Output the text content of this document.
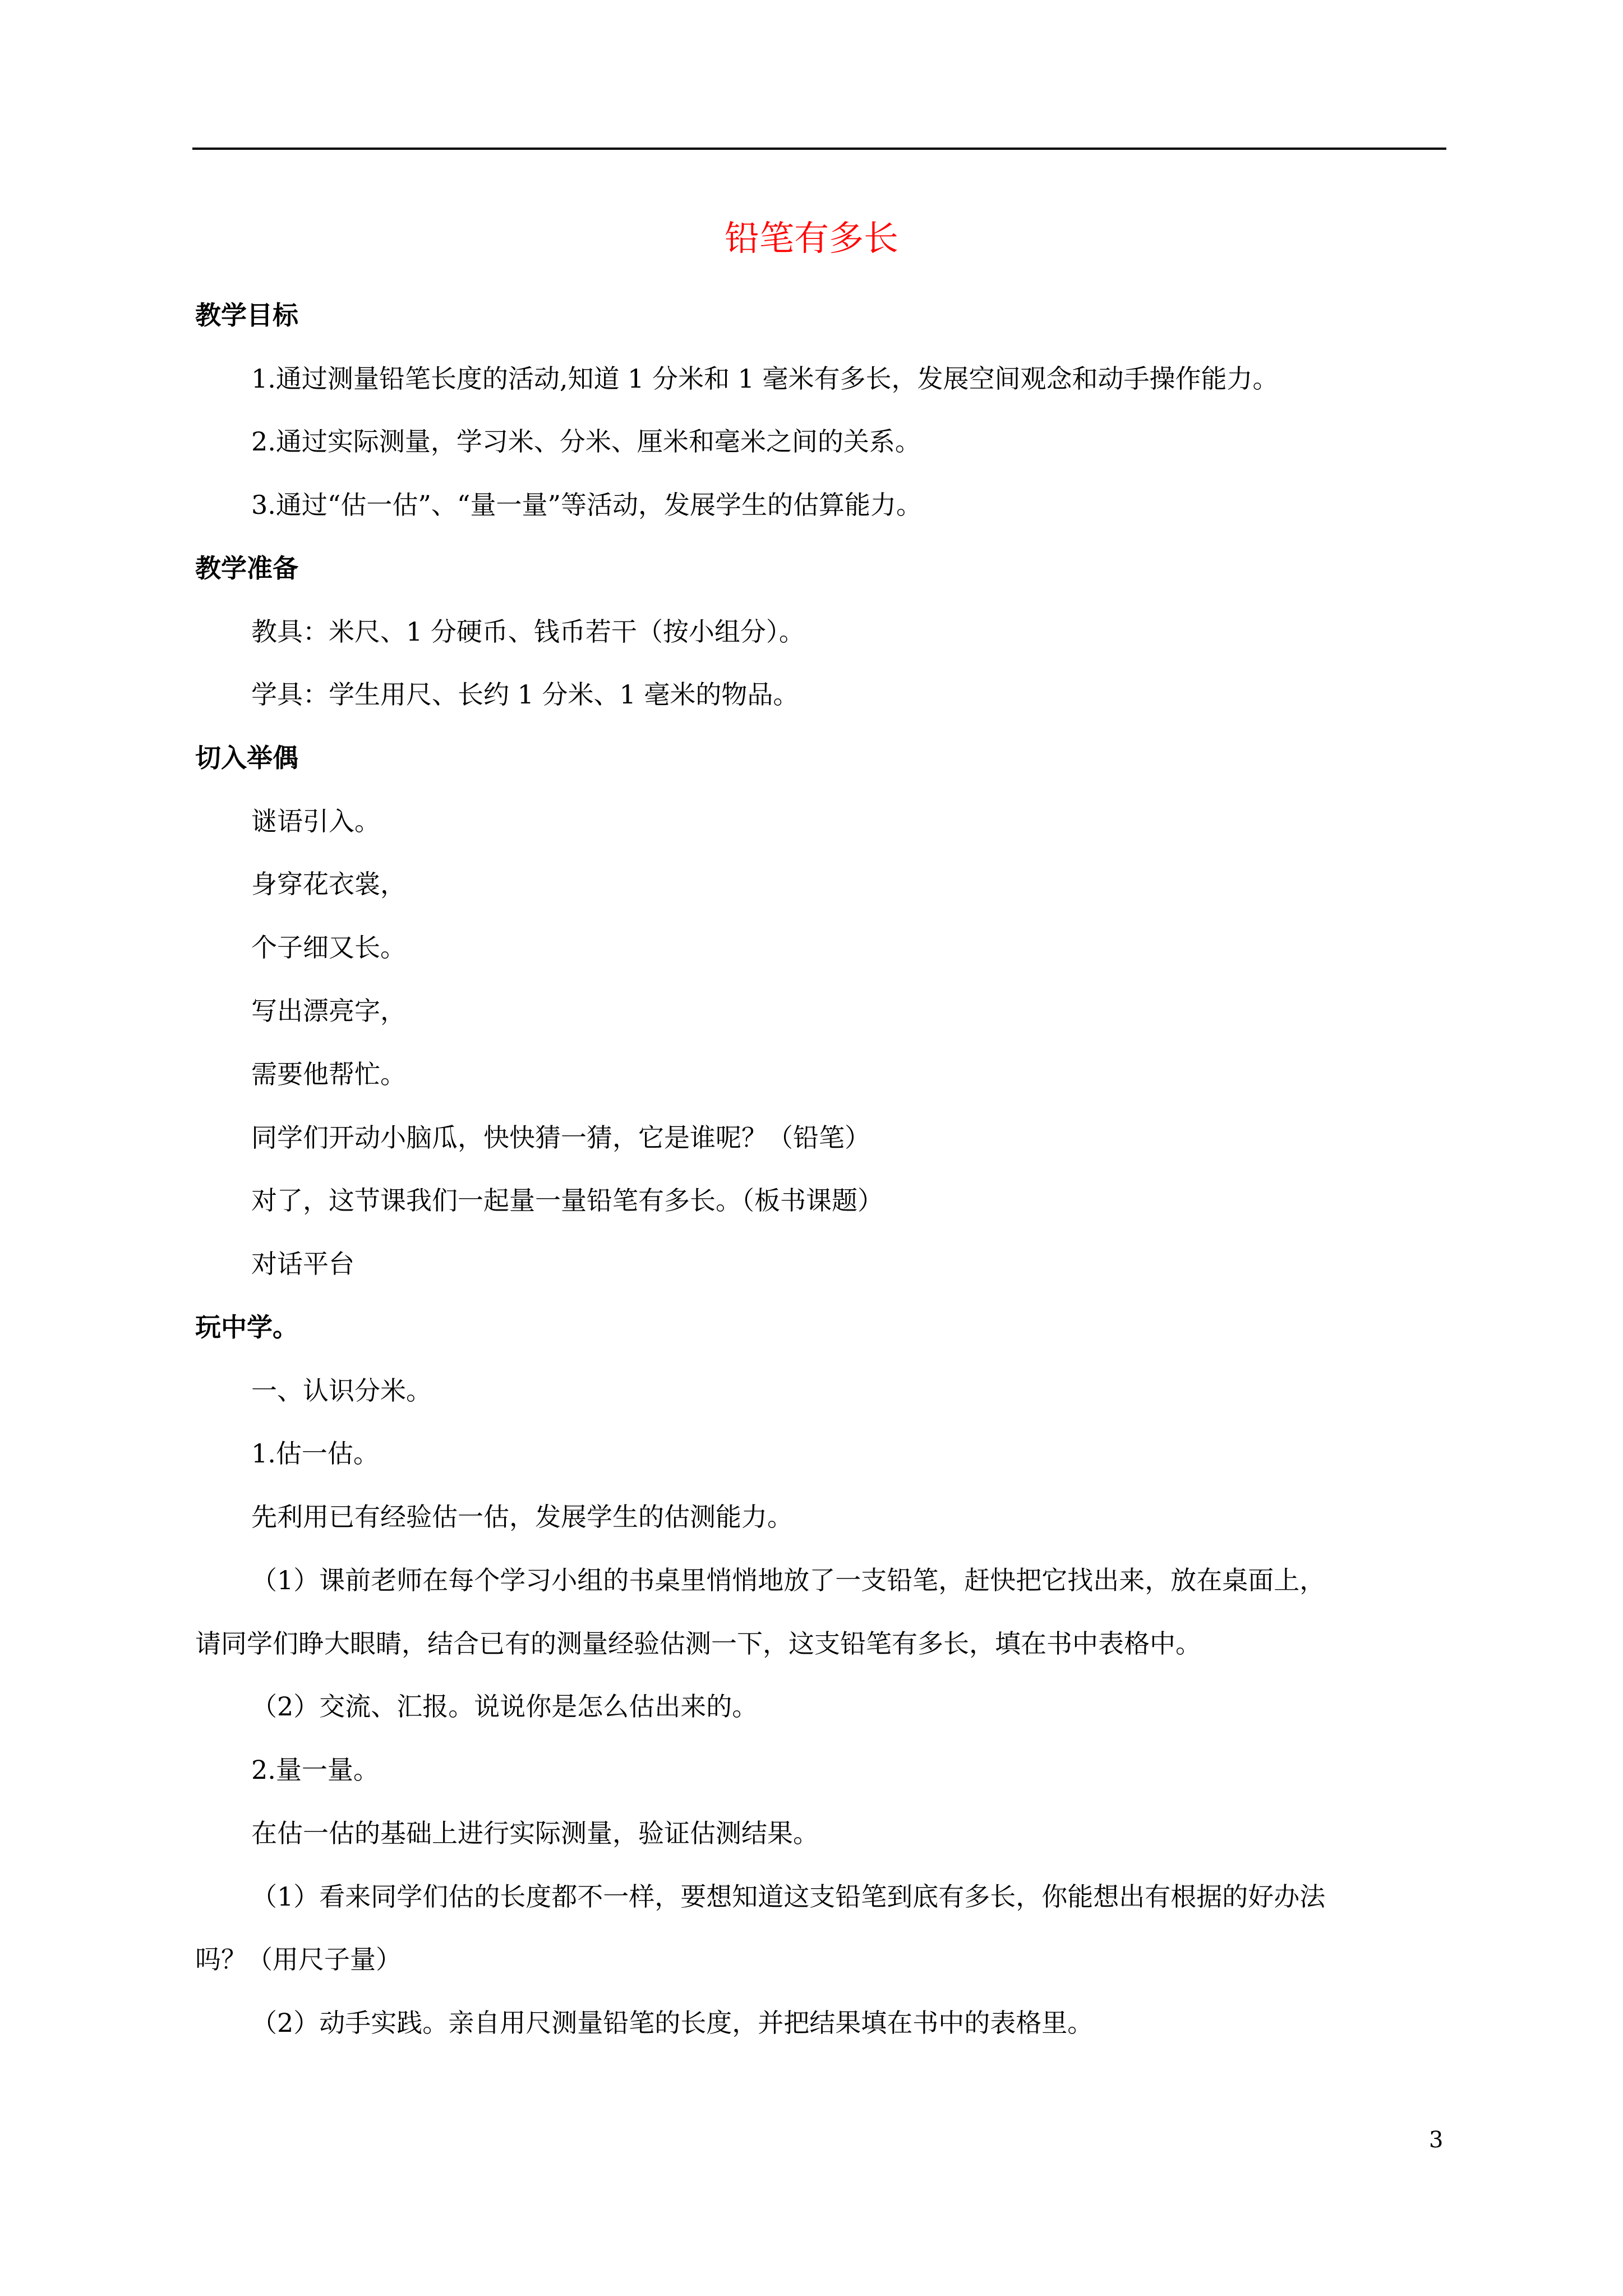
铅笔有多长
教学目标
1.通过测量铅笔长度的活动,知道 1 分米和 1 毫米有多长，发展空间观念和动手操作能力。
2.通过实际测量，学习米、分米、厘米和毫米之间的关系。
3.通过“估一估”、“量一量”等活动，发展学生的估算能力。
教学准备
教具：米尺、1 分硬币、钱币若干（按小组分）。
学具：学生用尺、长约 1 分米、1 毫米的物品。
切入举偶
谜语引入。
身穿花衣裳，
个子细又长。
写出漂亮字，
需要他帮忙。
同学们开动小脑瓜，快快猜一猜，它是谁呢？（铅笔）
对了，这节课我们一起量一量铅笔有多长。（板书课题）
对话平台
玩中学。
一、认识分米。
1.估一估。
先利用已有经验估一估，发展学生的估测能力。
（1）课前老师在每个学习小组的书桌里悄悄地放了一支铅笔，赶快把它找出来，放在桌面上，
请同学们睁大眼睛，结合已有的测量经验估测一下，这支铅笔有多长，填在书中表格中。
（2）交流、汇报。说说你是怎么估出来的。
2.量一量。
在估一估的基础上进行实际测量，验证估测结果。
（1）看来同学们估的长度都不一样，要想知道这支铅笔到底有多长，你能想出有根据的好办法
吗？（用尺子量）
（2）动手实践。亲自用尺测量铅笔的长度，并把结果填在书中的表格里。
3
